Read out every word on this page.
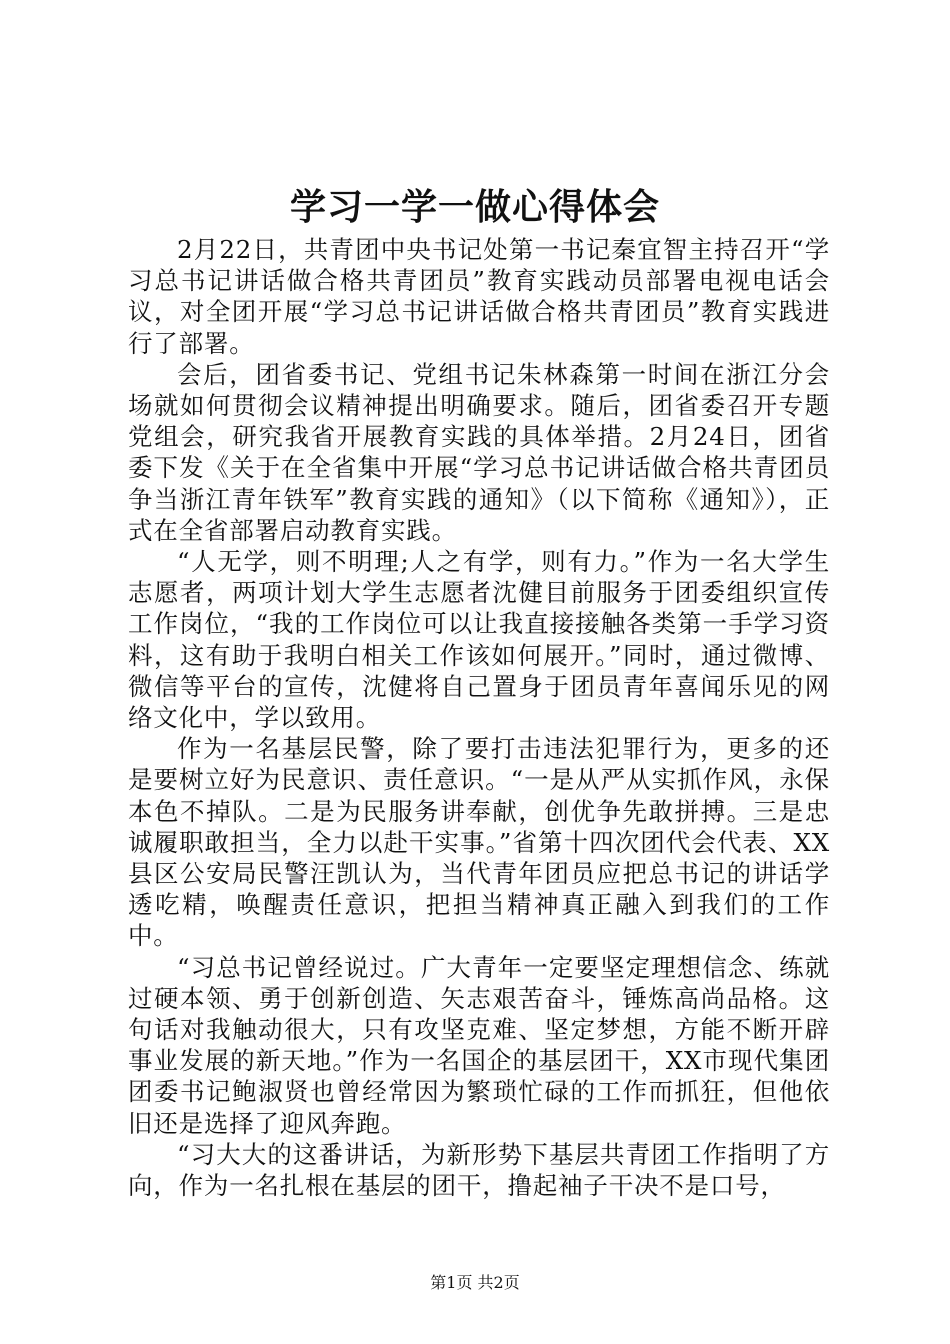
学习一学一做心得体会

2月22日，共青团中央书记处第一书记秦宜智主持召开“学习总书记讲话做合格共青团员”教育实践动员部署电视电话会议，对全团开展“学习总书记讲话做合格共青团员”教育实践进行了部署。

会后，团省委书记、党组书记朱林森第一时间在浙江分会场就如何贯彻会议精神提出明确要求。随后，团省委召开专题党组会，研究我省开展教育实践的具体举措。2月24日，团省委下发《关于在全省集中开展“学习总书记讲话做合格共青团员争当浙江青年铁军”教育实践的通知》（以下简称《通知》），正式在全省部署启动教育实践。

“人无学，则不明理;人之有学，则有力。”作为一名大学生志愿者，两项计划大学生志愿者沈健目前服务于团委组织宣传工作岗位，“我的工作岗位可以让我直接接触各类第一手学习资料，这有助于我明白相关工作该如何展开。”同时，通过微博、微信等平台的宣传，沈健将自己置身于团员青年喜闻乐见的网络文化中，学以致用。

作为一名基层民警，除了要打击违法犯罪行为，更多的还是要树立好为民意识、责任意识。“一是从严从实抓作风，永保本色不掉队。二是为民服务讲奉献，创优争先敢拼搏。三是忠诚履职敢担当，全力以赴干实事。”省第十四次团代会代表、XX县区公安局民警汪凯认为，当代青年团员应把总书记的讲话学透吃精，唤醒责任意识，把担当精神真正融入到我们的工作中。

“习总书记曾经说过。广大青年一定要坚定理想信念、练就过硬本领、勇于创新创造、矢志艰苦奋斗，锤炼高尚品格。这句话对我触动很大，只有攻坚克难、坚定梦想，方能不断开辟事业发展的新天地。”作为一名国企的基层团干，XX市现代集团团委书记鲍淑贤也曾经常因为繁琐忙碌的工作而抓狂，但他依旧还是选择了迎风奔跑。

“习大大的这番讲话，为新形势下基层共青团工作指明了方向，作为一名扎根在基层的团干，撸起袖子干决不是口号，

第1页 共2页
